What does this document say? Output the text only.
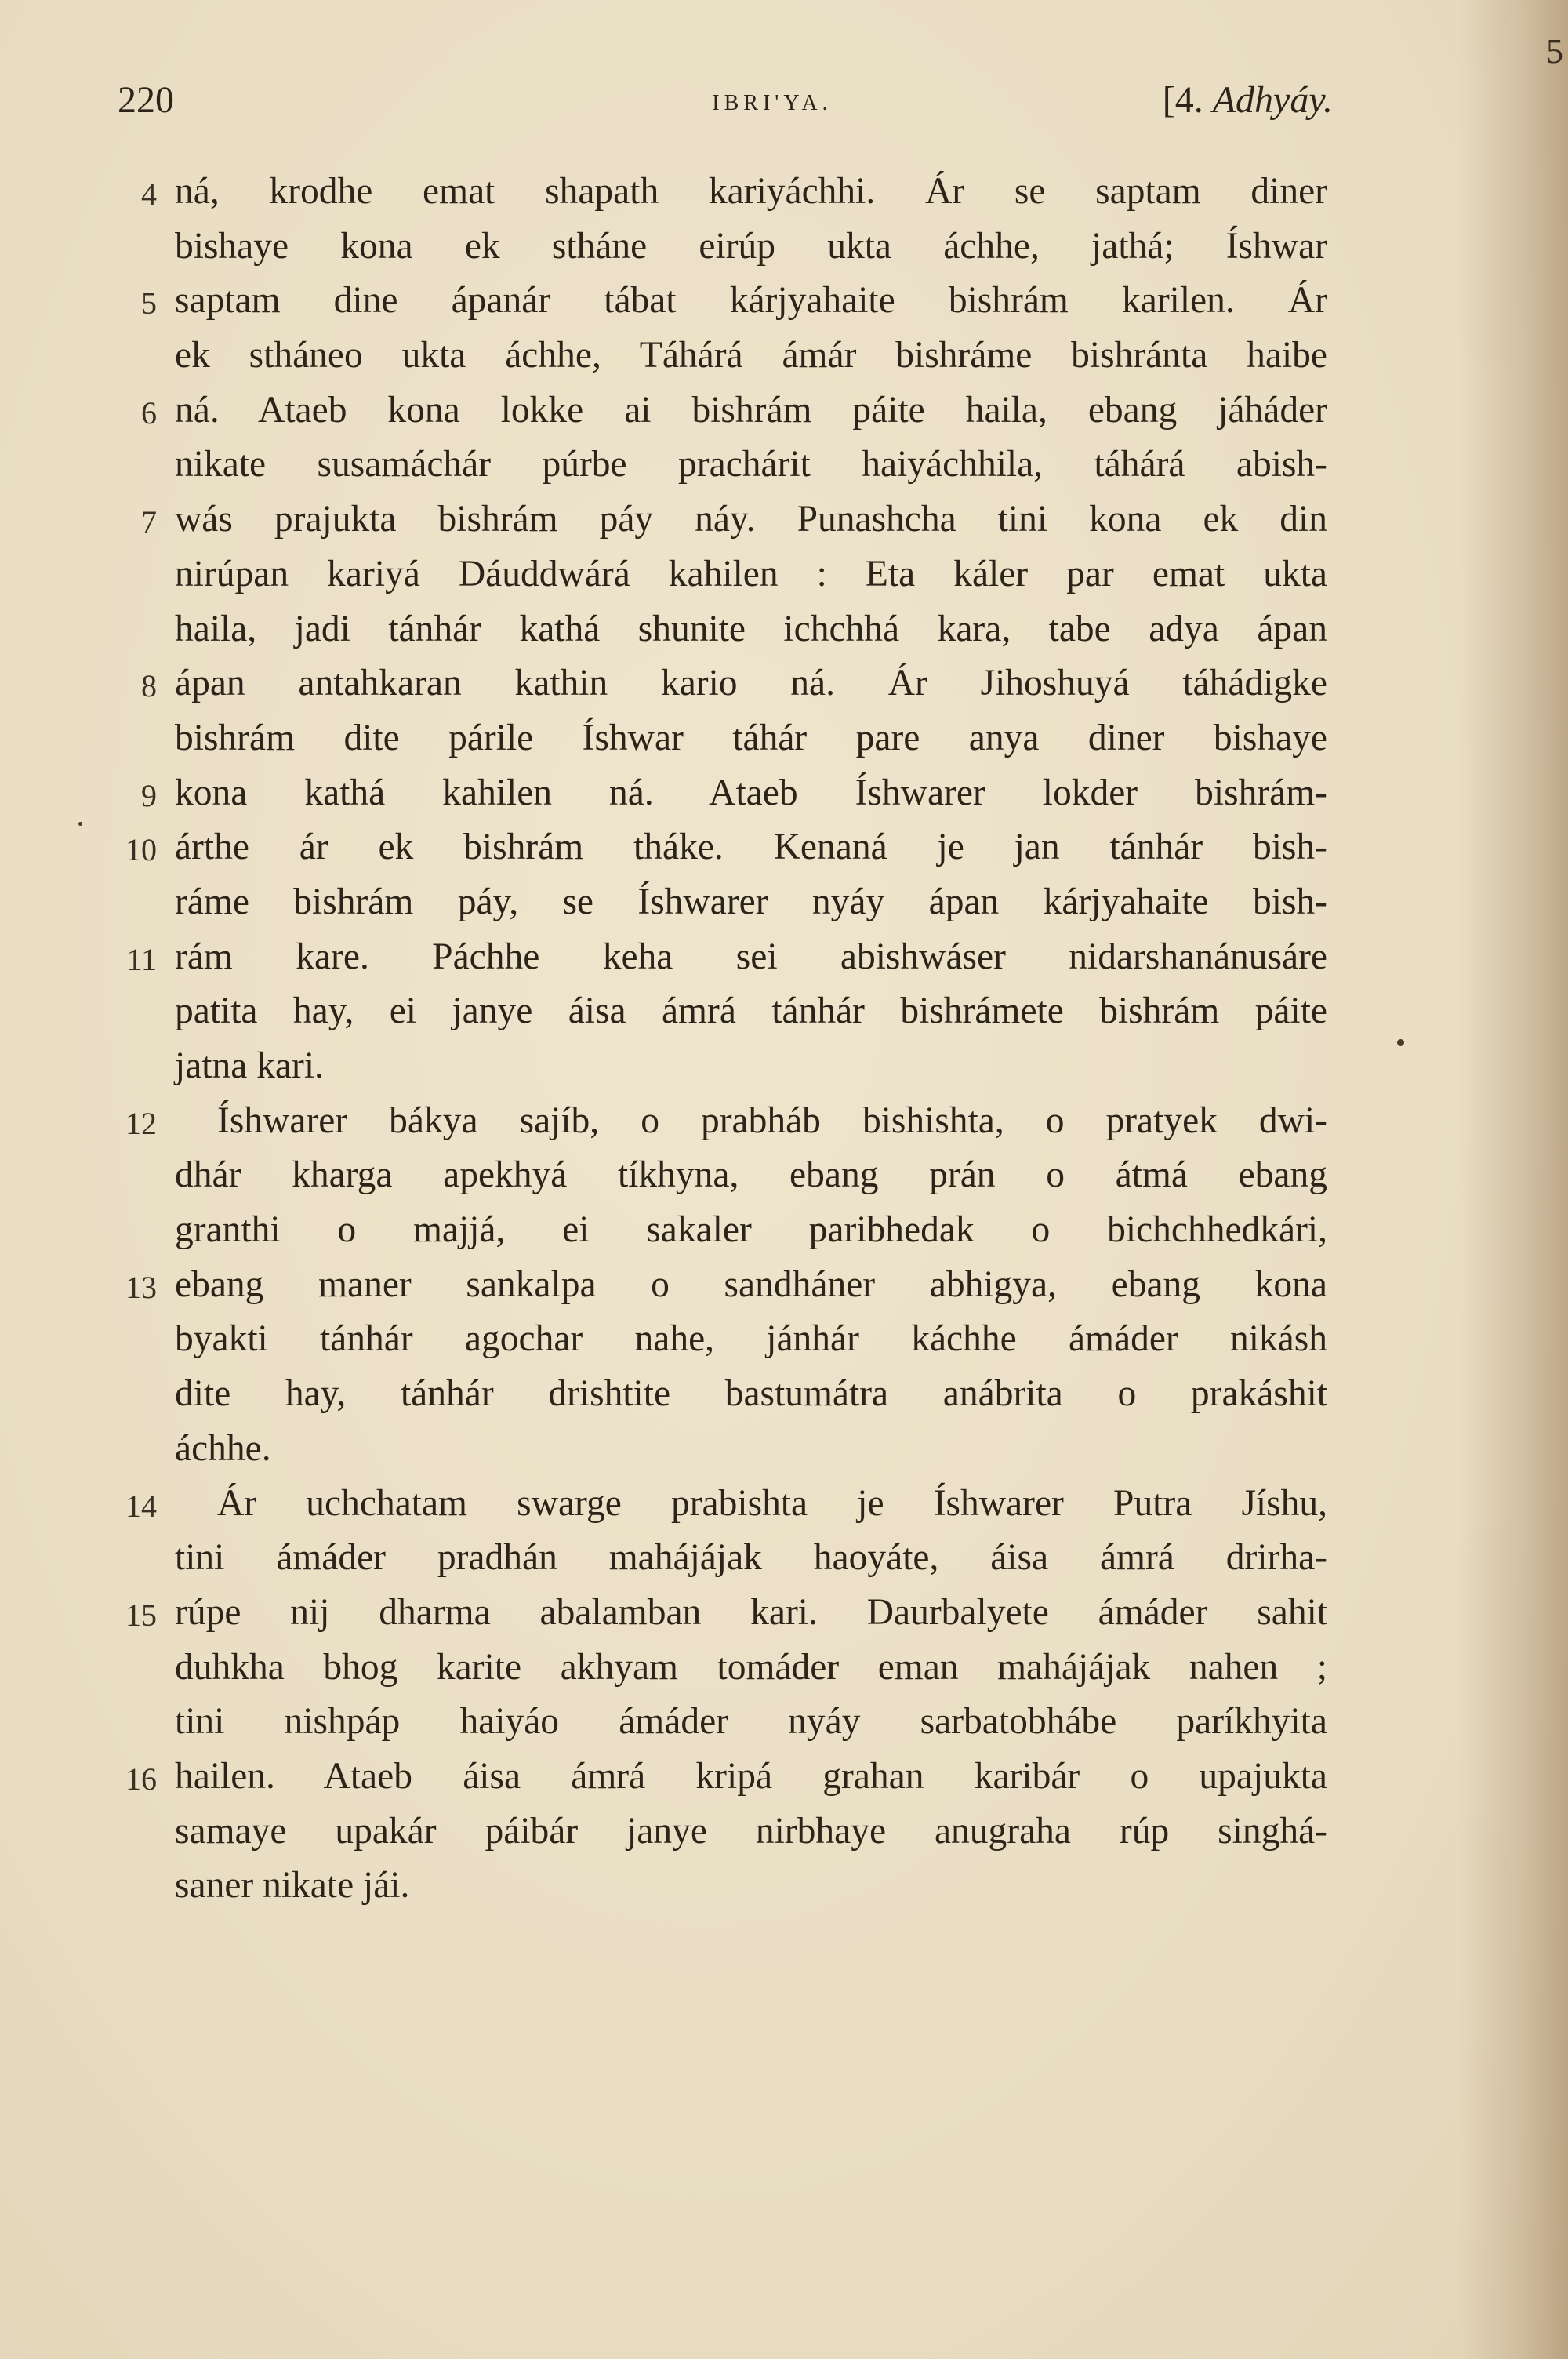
5
220	IBRI'YA.	[4. Adhyáy.
4 ná, krodhe emat shapath kariyáchhi. Ár se saptam diner
bishaye kona ek stháne eirúp ukta áchhe, jathá; Íshwar
5 saptam dine ápanár tábat kárjyahaite bishrám karilen. Ár
ek stháneo ukta áchhe, Táhárá ámár bishráme bishránta haibe
6 ná. Ataeb kona lokke ai bishrám páite haila, ebang jáháder
nikate susamáchár púrbe prachárit haiyáchhila, táhárá abish-
7 wás prajukta bishrám páy náy. Punashcha tini kona ek din
nirúpan kariyá Dáuddwárá kahilen : Eta káler par emat ukta
haila, jadi tánhár kathá shunite ichchhá kara, tabe adya ápan
8 ápan antahkaran kathin kario ná. Ár Jihoshuyá táhádigke
bishrám dite párile Íshwar táhár pare anya diner bishaye
9 kona kathá kahilen ná. Ataeb Íshwarer lokder bishrám-
10 árthe ár ek bishrám tháke. Kenaná je jan tánhár bish-
ráme bishrám páy, se Íshwarer nyáy ápan kárjyahaite bish-
11 rám kare. Páchhe keha sei abishwáser nidarshanánusáre
patita hay, ei janye áisa ámrá tánhár bishrámete bishrám páite
jatna kari.
12 Íshwarer bákya sajíb, o prabháb bishishta, o pratyek dwi-
dhár kharga apekhyá tíkhyna, ebang prán o átmá ebang
granthi o majjá, ei sakaler paribhedak o bichchhedkári,
13 ebang maner sankalpa o sandháner abhigya, ebang kona
byakti tánhár agochar nahe, jánhár káchhe ámáder nikásh
dite hay, tánhár drishtite bastumátra anábrita o prakáshit
áchhe.
14 Ár uchchatam swarge prabishta je Íshwarer Putra Jíshu,
tini ámáder pradhán mahájájak haoyáte, áisa ámrá drirha-
15 rúpe nij dharma abalamban kari. Daurbalyete ámáder sahit
duhkha bhog karite akhyam tomáder eman mahájájak nahen ;
tini nishpáp haiyáo ámáder nyáy sarbatobhábe paríkhyita
16 hailen. Ataeb áisa ámrá kripá grahan karibár o upajukta
samaye upakár páibár janye nirbhaye anugraha rúp singhá-
saner nikate jái.
